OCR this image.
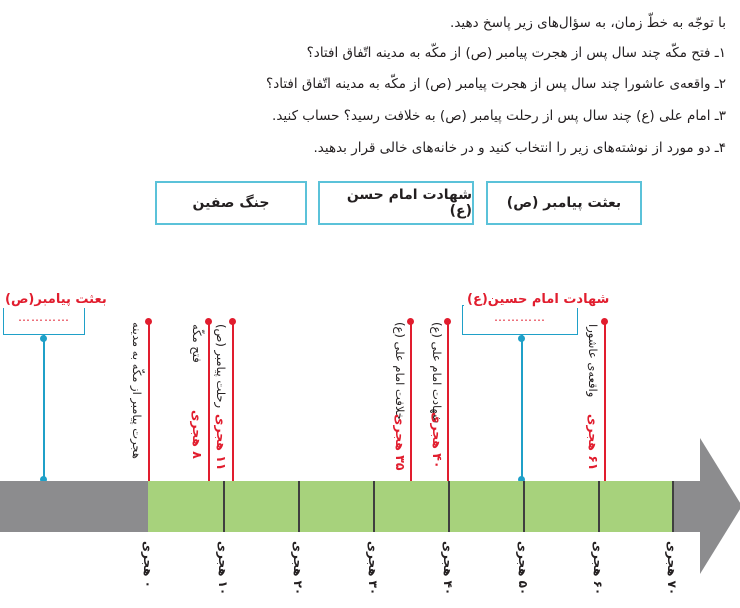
با توجّه به خطّ زمان، به سؤال‌های زیر پاسخ دهید.
۱ـ فتح مکّه چند سال پس از هجرت پیامبر (ص) از مکّه به مدینه اتّفاق افتاد؟
۲ـ واقعه‌ی عاشورا چند سال پس از هجرت پیامبر (ص) از مکّه به مدینه اتّفاق افتاد؟
۳ـ امام علی (ع) چند سال پس از رحلت پیامبر (ص) به خلافت رسید؟ حساب کنید.
۴ـ دو مورد از نوشته‌های زیر را انتخاب کنید و در خانه‌های خالی قرار بدهید.
بعثت پیامبر (ص)
شهادت امام حسن (ع)
جنگ صفین
…………
بعثت پیامبر(ص)
…………
شهادت امام حسین(ع)
هجرت پیامبر از مکّه به مدینه	فتح مکّه
۸ هجری
رحلت پیامبر (ص)
۱۱ هجری
خلافت امام علی (ع)
۳۵ هجری
شهادت امام علی (ع)
۴۰ هجری
واقعه‌ی عاشورا
۶۱ هجری
۰ هجری
۱۰ هجری
۲۰ هجری
۳۰ هجری
۴۰ هجری
۵۰ هجری
۶۰ هجری
۷۰ هجری
